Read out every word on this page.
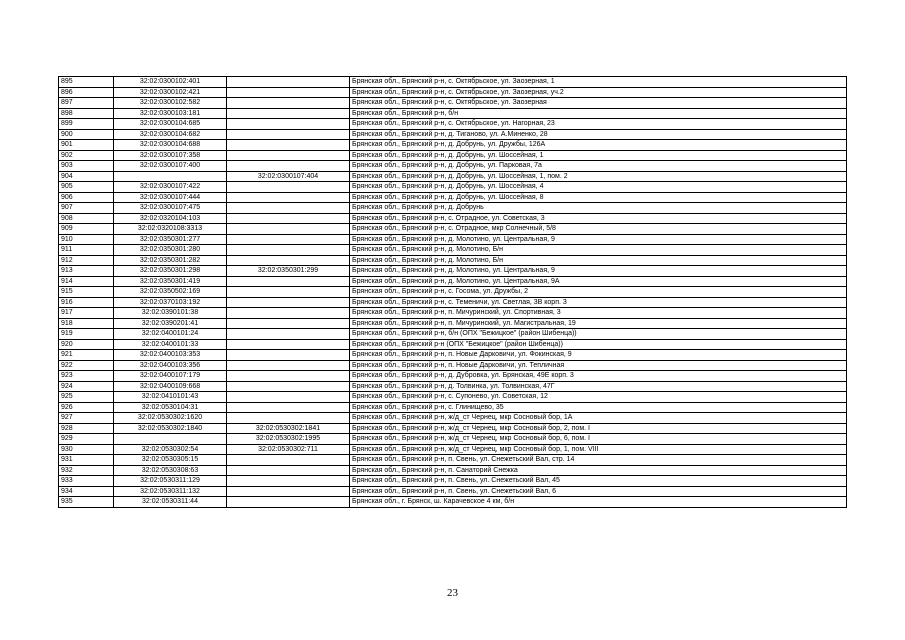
895	32:02:0300102:401		Брянская обл., Брянский р-н, с. Октябрьское, ул. Заозерная, 1
896	32:02:0300102:421		Брянская обл., Брянский р-н, с. Октябрьское, ул. Заозерная, уч.2
897	32:02:0300102:582		Брянская обл., Брянский р-н, с. Октябрьское, ул. Заозерная
898	32:02:0300103:181		Брянская обл., Брянский р-н, б/н
899	32:02:0300104:685		Брянская обл., Брянский р-н, с. Октябрьское, ул. Нагорная, 23
900	32:02:0300104:682		Брянская обл., Брянский р-н, д. Тиганово, ул. А.Миненко, 28
901	32:02:0300104:688		Брянская обл., Брянский р-н, д. Добрунь, ул. Дружбы, 126А
902	32:02:0300107:358		Брянская обл., Брянский р-н, д. Добрунь, ул. Шоссейная, 1
903	32:02:0300107:400		Брянская обл., Брянский р-н, д. Добрунь, ул. Парковая, 7а
904		32:02:0300107:404	Брянская обл., Брянский р-н, д. Добрунь, ул. Шоссейная, 1, пом. 2
905	32:02:0300107:422		Брянская обл., Брянский р-н, д. Добрунь, ул. Шоссейная, 4
906	32:02:0300107:444		Брянская обл., Брянский р-н, д. Добрунь, ул. Шоссейная, 8
907	32:02:0300107:475		Брянская обл., Брянский р-н, д. Добрунь
908	32:02:0320104:103		Брянская обл., Брянский р-н, с. Отрадное, ул. Советская, 3
909	32:02:0320108:3313		Брянская обл., Брянский р-н, с. Отрадное, мкр Солнечный, 5/8
910	32:02:0350301:277		Брянская обл., Брянский р-н, д. Молотино, ул. Центральная, 9
911	32:02:0350301:280		Брянская обл., Брянский р-н, д. Молотино, Б/н
912	32:02:0350301:282		Брянская обл., Брянский р-н, д. Молотино, Б/н
913	32:02:0350301:298	32:02:0350301:299	Брянская обл., Брянский р-н, д. Молотино, ул. Центральная, 9
914	32:02:0350301:419		Брянская обл., Брянский р-н, д. Молотино, ул. Центральная, 9А
915	32:02:0350502:169		Брянская обл., Брянский р-н, с. Госома, ул. Дружбы, 2
916	32:02:0370103:192		Брянская обл., Брянский р-н, с. Теменичи, ул. Светлая, 3В корп. 3
917	32:02:0390101:38		Брянская обл., Брянский р-н, п. Мичуринский, ул. Спортивная, 3
918	32:02:0390201:41		Брянская обл., Брянский р-н, п. Мичуринский, ул. Магистральная, 19
919	32:02:0400101:24		Брянская обл., Брянский р-н, б/н (ОПХ "Бежицкое" (район Шибенца))
920	32:02:0400101:33		Брянская обл., Брянский р-н (ОПХ "Бежицкое" (район Шибенца))
921	32:02:0400103:353		Брянская обл., Брянский р-н, п. Новые Дарковичи, ул. Фокинская, 9
922	32:02:0400103:356		Брянская обл., Брянский р-н, п. Новые Дарковичи, ул. Тепличная
923	32:02:0400107:179		Брянская обл., Брянский р-н, д. Дубровка, ул. Брянская, 49Е корп. 3
924	32:02:0400109:668		Брянская обл., Брянский р-н, д. Толвинка, ул. Толвинская, 47Г
925	32:02:0410101:43		Брянская обл., Брянский р-н, с. Супонево, ул. Советская, 12
926	32:02:0530104:31		Брянская обл., Брянский р-н, с. Глинищево, 35
927	32:02:0530302:1620		Брянская обл., Брянский р-н, ж/д_ст Чернец, мкр Сосновый бор, 1А
928	32:02:0530302:1840	32:02:0530302:1841	Брянская обл., Брянский р-н, ж/д_ст Чернец, мкр Сосновый бор, 2, пом. I
929		32:02:0530302:1995	Брянская обл., Брянский р-н, ж/д_ст Чернец, мкр Сосновый бор, 6, пом. I
930	32:02:0530302:54	32:02:0530302:711	Брянская обл., Брянский р-н, ж/д_ст Чернец, мкр Сосновый бор, 1, пом. VIII
931	32:02:0530305:15		Брянская обл., Брянский р-н, п. Свень, ул. Снежетьский Вал, стр. 14
932	32:02:0530308:63		Брянская обл., Брянский р-н, п. Санаторий Снежка
933	32:02:0530311:129		Брянская обл., Брянский р-н, п. Свень, ул. Снежетьский Вал, 45
934	32:02:0530311:132		Брянская обл., Брянский р-н, п. Свень, ул. Снежетьский Вал, 6
935	32:02:0530311:44		Брянская обл., г. Брянск, ш. Карачевское 4 км, б/н
23
